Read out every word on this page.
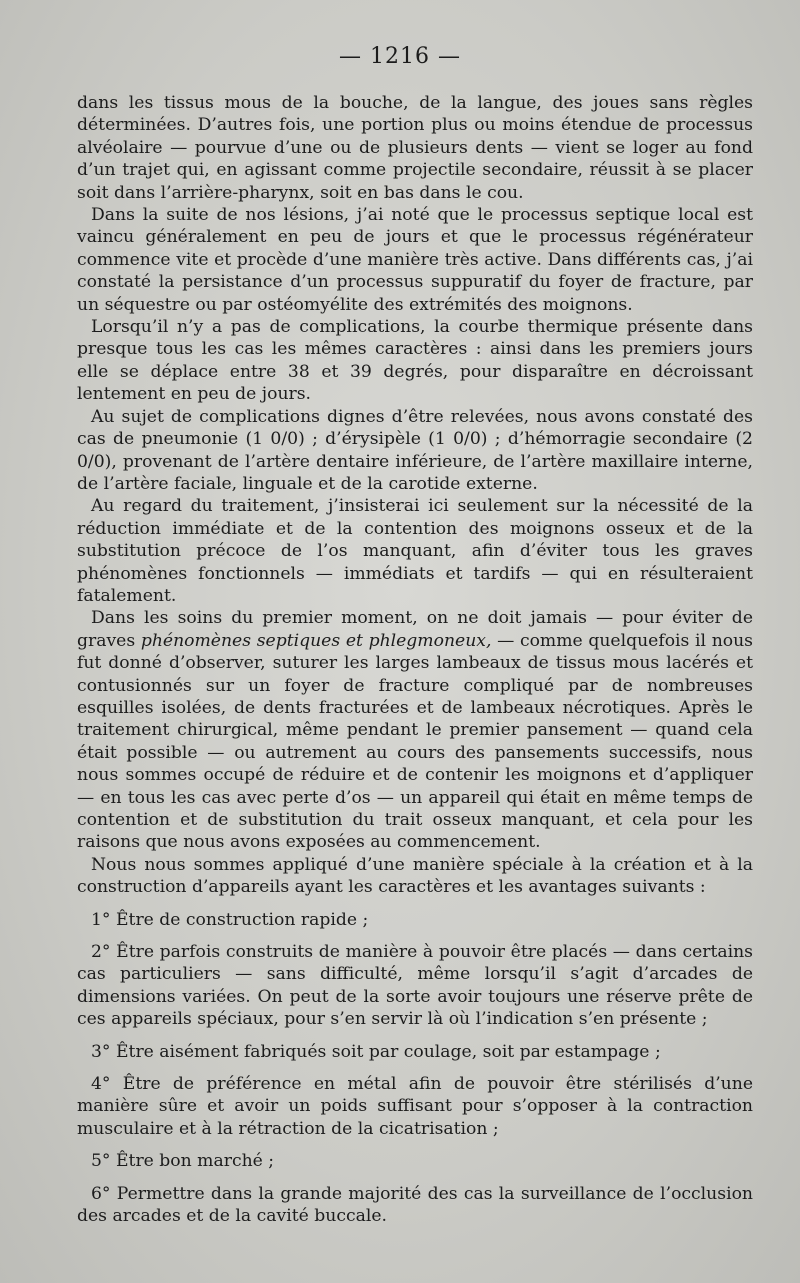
— 1216 —

dans les tissus mous de la bouche, de la langue, des joues sans règles déterminées. D’autres fois, une portion plus ou moins étendue de processus alvéolaire — pourvue d’une ou de plusieurs dents — vient se loger au fond d’un trajet qui, en agissant comme projectile secondaire, réussit à se placer soit dans l’arrière-pharynx, soit en bas dans le cou.

Dans la suite de nos lésions, j’ai noté que le processus septique local est vaincu généralement en peu de jours et que le processus régénérateur commence vite et procède d’une manière très active. Dans différents cas, j’ai constaté la persistance d’un processus suppuratif du foyer de fracture, par un séquestre ou par ostéomyélite des extrémités des moignons.

Lorsqu’il n’y a pas de complications, la courbe thermique présente dans presque tous les cas les mêmes caractères : ainsi dans les premiers jours elle se déplace entre 38 et 39 degrés, pour disparaître en décroissant lentement en peu de jours.

Au sujet de complications dignes d’être relevées, nous avons constaté des cas de pneumonie (1 0/0) ; d’érysipèle (1 0/0) ; d’hémorragie secondaire (2 0/0), provenant de l’artère dentaire inférieure, de l’artère maxillaire interne, de l’artère faciale, linguale et de la carotide externe.

Au regard du traitement, j’insisterai ici seulement sur la nécessité de la réduction immédiate et de la contention des moignons osseux et de la substitution précoce de l’os manquant, afin d’éviter tous les graves phénomènes fonctionnels — immédiats et tardifs — qui en résulteraient fatalement.

Dans les soins du premier moment, on ne doit jamais — pour éviter de graves phénomènes septiques et phlegmoneux, — comme quelquefois il nous fut donné d’observer, suturer les larges lambeaux de tissus mous lacérés et contusionnés sur un foyer de fracture compliqué par de nombreuses esquilles isolées, de dents fracturées et de lambeaux nécrotiques. Après le traitement chirurgical, même pendant le premier pansement — quand cela était possible — ou autrement au cours des pansements successifs, nous nous sommes occupé de réduire et de contenir les moignons et d’appliquer — en tous les cas avec perte d’os — un appareil qui était en même temps de contention et de substitution du trait osseux manquant, et cela pour les raisons que nous avons exposées au commencement.

Nous nous sommes appliqué d’une manière spéciale à la création et à la construction d’appareils ayant les caractères et les avantages suivants :

1° Être de construction rapide ;

2° Être parfois construits de manière à pouvoir être placés — dans certains cas particuliers — sans difficulté, même lorsqu’il s’agit d’arcades de dimensions variées. On peut de la sorte avoir toujours une réserve prête de ces appareils spéciaux, pour s’en servir là où l’indication s’en présente ;

3° Être aisément fabriqués soit par coulage, soit par estampage ;

4° Être de préférence en métal afin de pouvoir être stérilisés d’une manière sûre et avoir un poids suffisant pour s’opposer à la contraction musculaire et à la rétraction de la cicatrisation ;

5° Être bon marché ;

6° Permettre dans la grande majorité des cas la surveillance de l’occlusion des arcades et de la cavité buccale.
